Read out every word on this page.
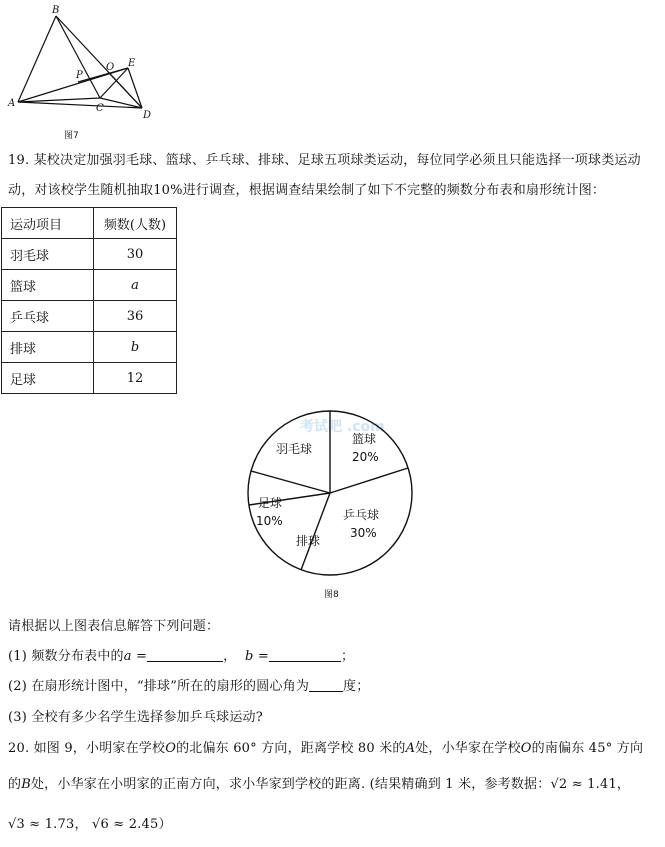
B
A	C
D
E
O
P
图7
19. 某校决定加强羽毛球、篮球、乒乓球、排球、足球五项球类运动，每位同学必须且只能选择一项球类运动
动，对该校学生随机抽取10%进行调查，根据调查结果绘制了如下不完整的频数分布表和扇形统计图：
运动项目	频数(人数)
羽毛球	30
篮球	a
乒乓球	36
排球	b
足球	12
考试吧 .com
羽毛球
篮球
20%
乒乓球
30%
排球
足球
10%
图8
请根据以上图表信息解答下列问题：
(1) 频数分布表中的a =	， b =	；
(2) 在扇形统计图中，“排球”所在的扇形的圆心角为	度；
(3) 全校有多少名学生选择参加乒乓球运动?
20. 如图 9，小明家在学校O的北偏东 60° 方向，距离学校 80 米的A处，小华家在学校O的南偏东 45° 方向
的B处，小华家在小明家的正南方向，求小华家到学校的距离. (结果精确到 1 米，参考数据：√2 ≈ 1.41，
√3 ≈ 1.73， √6 ≈ 2.45）
